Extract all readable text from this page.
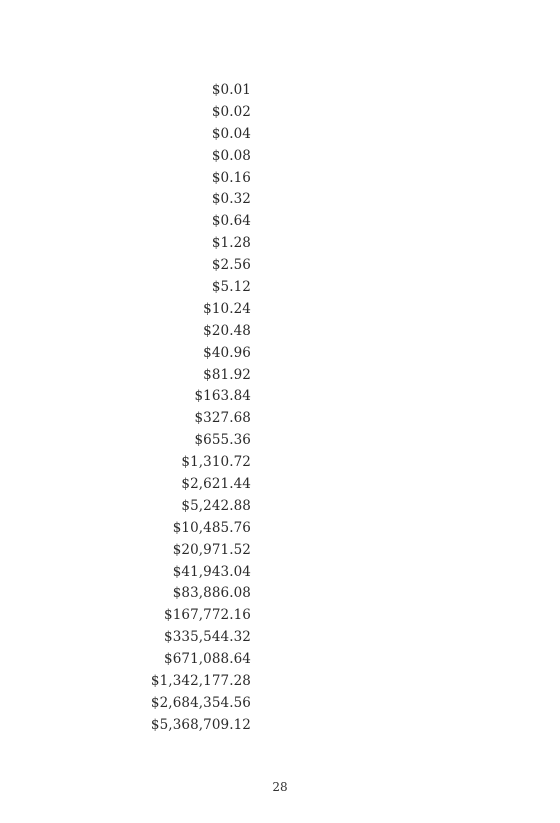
$0.01
$0.02
$0.04
$0.08
$0.16
$0.32
$0.64
$1.28
$2.56
$5.12
$10.24
$20.48
$40.96
$81.92
$163.84
$327.68
$655.36
$1,310.72
$2,621.44
$5,242.88
$10,485.76
$20,971.52
$41,943.04
$83,886.08
$167,772.16
$335,544.32
$671,088.64
$1,342,177.28
$2,684,354.56
$5,368,709.12
28
